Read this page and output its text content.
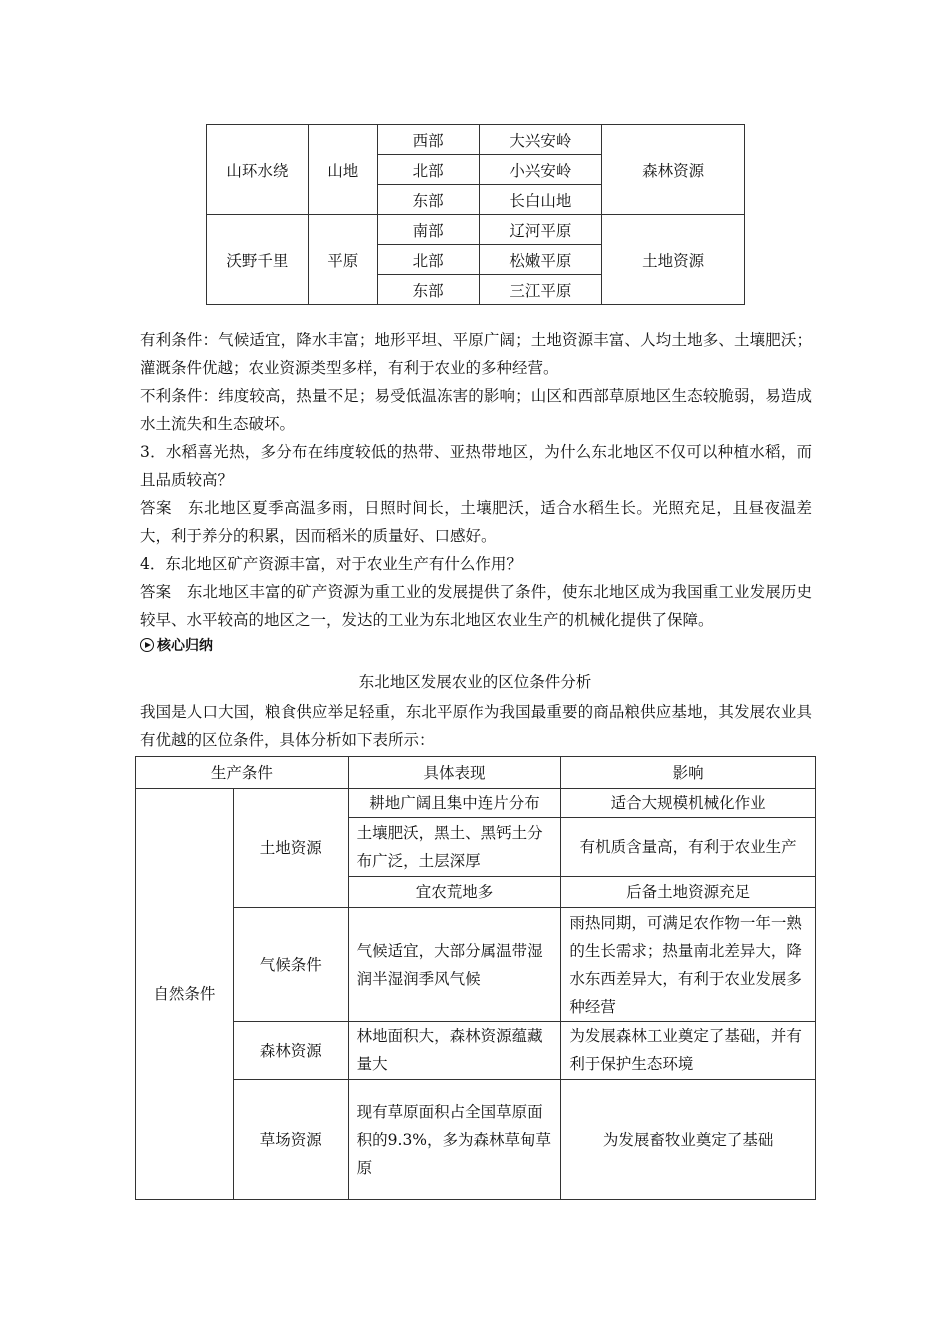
山环水绕	山地	西部	大兴安岭	森林资源
		北部	小兴安岭	
		东部	长白山地	
沃野千里	平原	南部	辽河平原	土地资源
		北部	松嫩平原	
		东部	三江平原	

有利条件：气候适宜，降水丰富；地形平坦、平原广阔；土地资源丰富、人均土地多、土壤肥沃；灌溉条件优越；农业资源类型多样，有利于农业的多种经营。

不利条件：纬度较高，热量不足；易受低温冻害的影响；山区和西部草原地区生态较脆弱，易造成水土流失和生态破坏。

3．水稻喜光热，多分布在纬度较低的热带、亚热带地区，为什么东北地区不仅可以种植水稻，而且品质较高？

答案　东北地区夏季高温多雨，日照时间长，土壤肥沃，适合水稻生长。光照充足，且昼夜温差大，利于养分的积累，因而稻米的质量好、口感好。

4．东北地区矿产资源丰富，对于农业生产有什么作用？

答案　东北地区丰富的矿产资源为重工业的发展提供了条件，使东北地区成为我国重工业发展历史较早、水平较高的地区之一，发达的工业为东北地区农业生产的机械化提供了保障。

核心归纳
东北地区发展农业的区位条件分析

我国是人口大国，粮食供应举足轻重，东北平原作为我国最重要的商品粮供应基地，其发展农业具有优越的区位条件，具体分析如下表所示：

生产条件		具体表现	影响
自然条件	土地资源	耕地广阔且集中连片分布	适合大规模机械化作业
		土壤肥沃，黑土、黑钙土分布广泛，土层深厚	有机质含量高，有利于农业生产
		宜农荒地多	后备土地资源充足
	气候条件	气候适宜，大部分属温带湿润半湿润季风气候	雨热同期，可满足农作物一年一熟的生长需求；热量南北差异大，降水东西差异大，有利于农业发展多种经营
	森林资源	林地面积大，森林资源蕴藏量大	为发展森林工业奠定了基础，并有利于保护生态环境
	草场资源	现有草原面积占全国草原面积的9.3%，多为森林草甸草原	为发展畜牧业奠定了基础
